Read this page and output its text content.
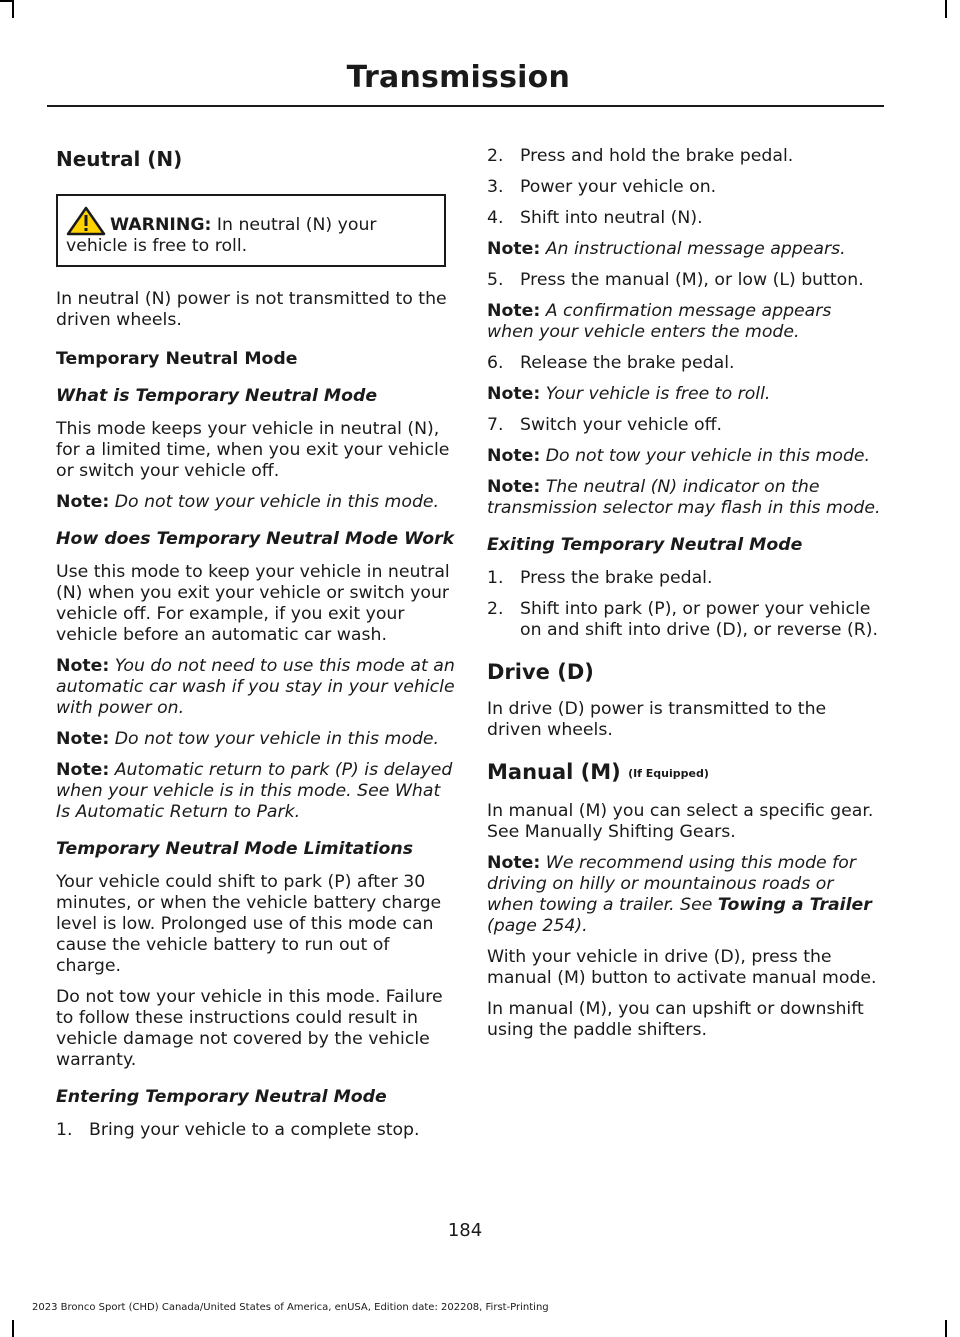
Transmission
Neutral (N)
WARNING: In neutral (N) your vehicle is free to roll.

In neutral (N) power is not transmitted to the driven wheels.

Temporary Neutral Mode
What is Temporary Neutral Mode

This mode keeps your vehicle in neutral (N), for a limited time, when you exit your vehicle or switch your vehicle off.

Note: Do not tow your vehicle in this mode.

How does Temporary Neutral Mode Work

Use this mode to keep your vehicle in neutral (N) when you exit your vehicle or switch your vehicle off. For example, if you exit your vehicle before an automatic car wash.

Note: You do not need to use this mode at an automatic car wash if you stay in your vehicle with power on.

Note: Do not tow your vehicle in this mode.

Note: Automatic return to park (P) is delayed when your vehicle is in this mode. See What Is Automatic Return to Park.

Temporary Neutral Mode Limitations

Your vehicle could shift to park (P) after 30 minutes, or when the vehicle battery charge level is low. Prolonged use of this mode can cause the vehicle battery to run out of charge.

Do not tow your vehicle in this mode. Failure to follow these instructions could result in vehicle damage not covered by the vehicle warranty.

Entering Temporary Neutral Mode
1. Bring your vehicle to a complete stop.
2. Press and hold the brake pedal.
3. Power your vehicle on.
4. Shift into neutral (N).

Note: An instructional message appears.

5. Press the manual (M), or low (L) button.

Note: A confirmation message appears when your vehicle enters the mode.

6. Release the brake pedal.

Note: Your vehicle is free to roll.

7. Switch your vehicle off.

Note: Do not tow your vehicle in this mode.

Note: The neutral (N) indicator on the transmission selector may flash in this mode.

Exiting Temporary Neutral Mode
1. Press the brake pedal.
2. Shift into park (P), or power your vehicle on and shift into drive (D), or reverse (R).
Drive (D)

In drive (D) power is transmitted to the driven wheels.

Manual (M) (If Equipped)

In manual (M) you can select a specific gear. See Manually Shifting Gears.

Note: We recommend using this mode for driving on hilly or mountainous roads or when towing a trailer. See Towing a Trailer (page 254).

With your vehicle in drive (D), press the manual (M) button to activate manual mode.

In manual (M), you can upshift or downshift using the paddle shifters.

184
2023 Bronco Sport (CHD) Canada/United States of America, enUSA, Edition date: 202208, First-Printing
